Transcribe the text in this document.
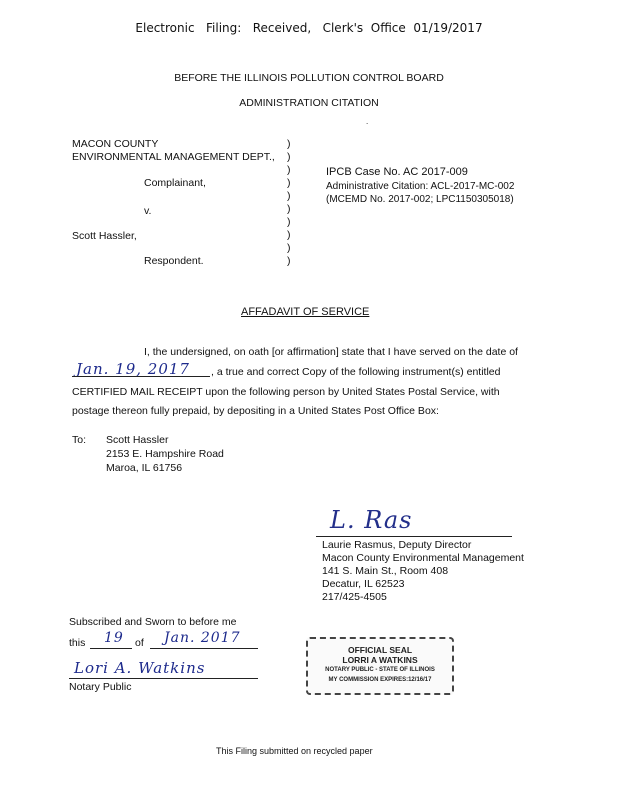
Electronic   Filing:   Received,   Clerk's  Office  01/19/2017
BEFORE THE ILLINOIS POLLUTION CONTROL BOARD
ADMINISTRATION CITATION
MACON COUNTY
ENVIRONMENTAL MANAGEMENT DEPT.,
Complainant,
v.
Scott Hassler,
Respondent.
)
)
)
)
)
)
)
)
)
)
IPCB Case No. AC 2017-009
Administrative Citation: ACL-2017-MC-002
(MCEMD No. 2017-002; LPC1150305018)
.
AFFADAVIT OF SERVICE
I, the undersigned, on oath [or affirmation] state that I have served on the date of
Jan. 19, 2017 , a true and correct Copy of the following instrument(s) entitled
CERTIFIED MAIL RECEIPT upon the following person by United States Postal Service, with
postage thereon fully prepaid, by depositing in a United States Post Office Box:
To: Scott Hassler
2153 E. Hampshire Road
Maroa, IL 61756
L. Ras
Laurie Rasmus, Deputy Director
Macon County Environmental Management
141 S. Main St., Room 408
Decatur, IL 62523
217/425-4505
Subscribed and Sworn to before me
this 19 of Jan. 2017
Lori A. Watkins
Notary Public
OFFICIAL SEAL
LORRI A WATKINS
NOTARY PUBLIC - STATE OF ILLINOIS
MY COMMISSION EXPIRES:12/16/17
This Filing submitted on recycled paper
